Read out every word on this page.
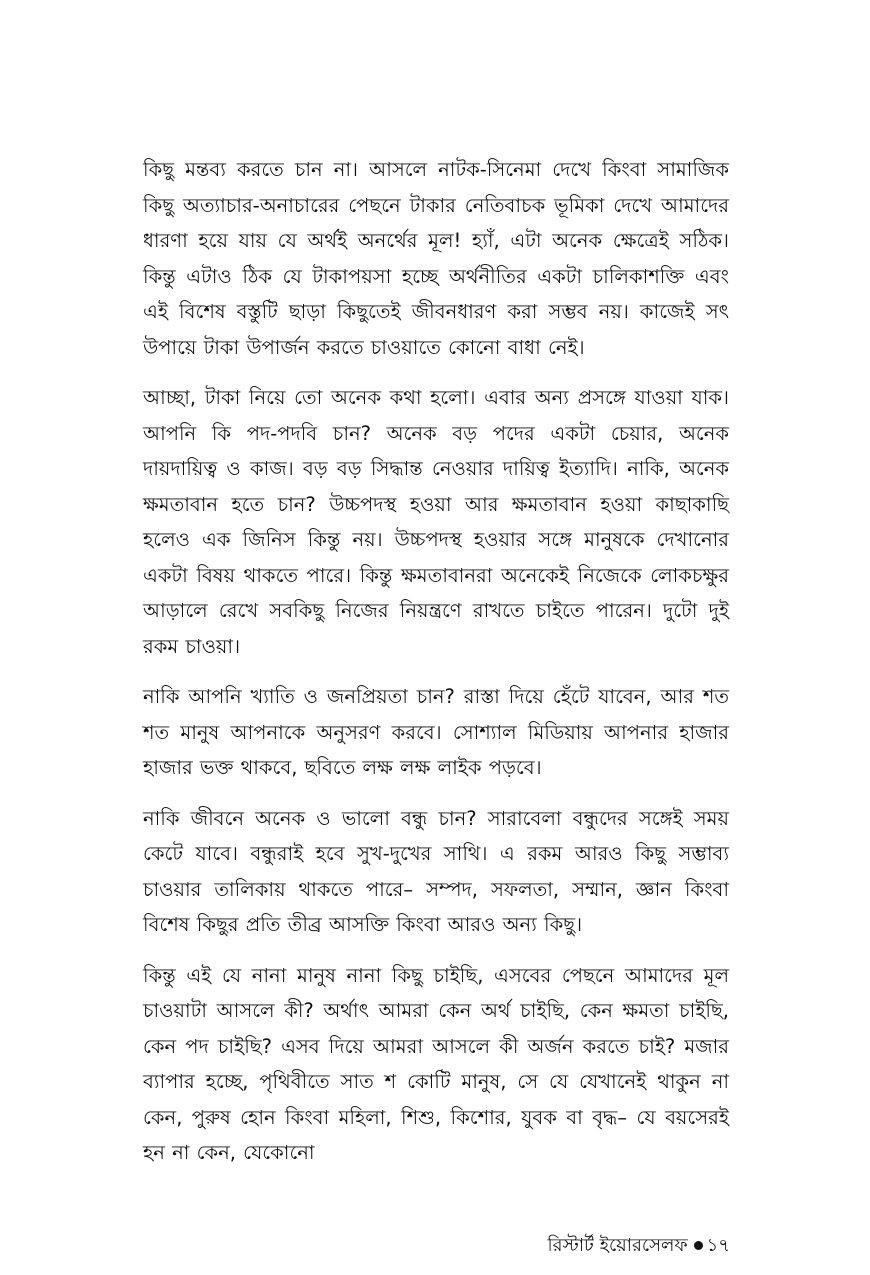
কিছু মন্তব্য করতে চান না। আসলে নাটক-সিনেমা দেখে কিংবা সামাজিক কিছু অত্যাচার-অনাচারের পেছনে টাকার নেতিবাচক ভূমিকা দেখে আমাদের ধারণা হয়ে যায় যে অর্থই অনর্থের মূল! হ্যাঁ, এটা অনেক ক্ষেত্রেই সঠিক। কিন্তু এটাও ঠিক যে টাকাপয়সা হচ্ছে অর্থনীতির একটা চালিকাশক্তি এবং এই বিশেষ বস্তুটি ছাড়া কিছুতেই জীবনধারণ করা সম্ভব নয়। কাজেই সৎ উপায়ে টাকা উপার্জন করতে চাওয়াতে কোনো বাধা নেই।

আচ্ছা, টাকা নিয়ে তো অনেক কথা হলো। এবার অন্য প্রসঙ্গে যাওয়া যাক। আপনি কি পদ-পদবি চান? অনেক বড় পদের একটা চেয়ার, অনেক দায়দায়িত্ব ও কাজ। বড় বড় সিদ্ধান্ত নেওয়ার দায়িত্ব ইত্যাদি। নাকি, অনেক ক্ষমতাবান হতে চান? উচ্চপদস্থ হওয়া আর ক্ষমতাবান হওয়া কাছাকাছি হলেও এক জিনিস কিন্তু নয়। উচ্চপদস্থ হওয়ার সঙ্গে মানুষকে দেখানোর একটা বিষয় থাকতে পারে। কিন্তু ক্ষমতাবানরা অনেকেই নিজেকে লোকচক্ষুর আড়ালে রেখে সবকিছু নিজের নিয়ন্ত্রণে রাখতে চাইতে পারেন। দুটো দুই রকম চাওয়া।

নাকি আপনি খ্যাতি ও জনপ্রিয়তা চান? রাস্তা দিয়ে হেঁটে যাবেন, আর শত শত মানুষ আপনাকে অনুসরণ করবে। সোশ্যাল মিডিয়ায় আপনার হাজার হাজার ভক্ত থাকবে, ছবিতে লক্ষ লক্ষ লাইক পড়বে।

নাকি জীবনে অনেক ও ভালো বন্ধু চান? সারাবেলা বন্ধুদের সঙ্গেই সময় কেটে যাবে। বন্ধুরাই হবে সুখ-দুখের সাথি। এ রকম আরও কিছু সম্ভাব্য চাওয়ার তালিকায় থাকতে পারে– সম্পদ, সফলতা, সম্মান, জ্ঞান কিংবা বিশেষ কিছুর প্রতি তীব্র আসক্তি কিংবা আরও অন্য কিছু।

কিন্তু এই যে নানা মানুষ নানা কিছু চাইছি, এসবের পেছনে আমাদের মূল চাওয়াটা আসলে কী? অর্থাৎ আমরা কেন অর্থ চাইছি, কেন ক্ষমতা চাইছি, কেন পদ চাইছি? এসব দিয়ে আমরা আসলে কী অর্জন করতে চাই? মজার ব্যাপার হচ্ছে, পৃথিবীতে সাত শ কোটি মানুষ, সে যে যেখানেই থাকুন না কেন, পুরুষ হোন কিংবা মহিলা, শিশু, কিশোর, যুবক বা বৃদ্ধ– যে বয়সেরই হন না কেন, যেকোনো

রিস্টার্ট ইয়োরসেলফ ১৭
